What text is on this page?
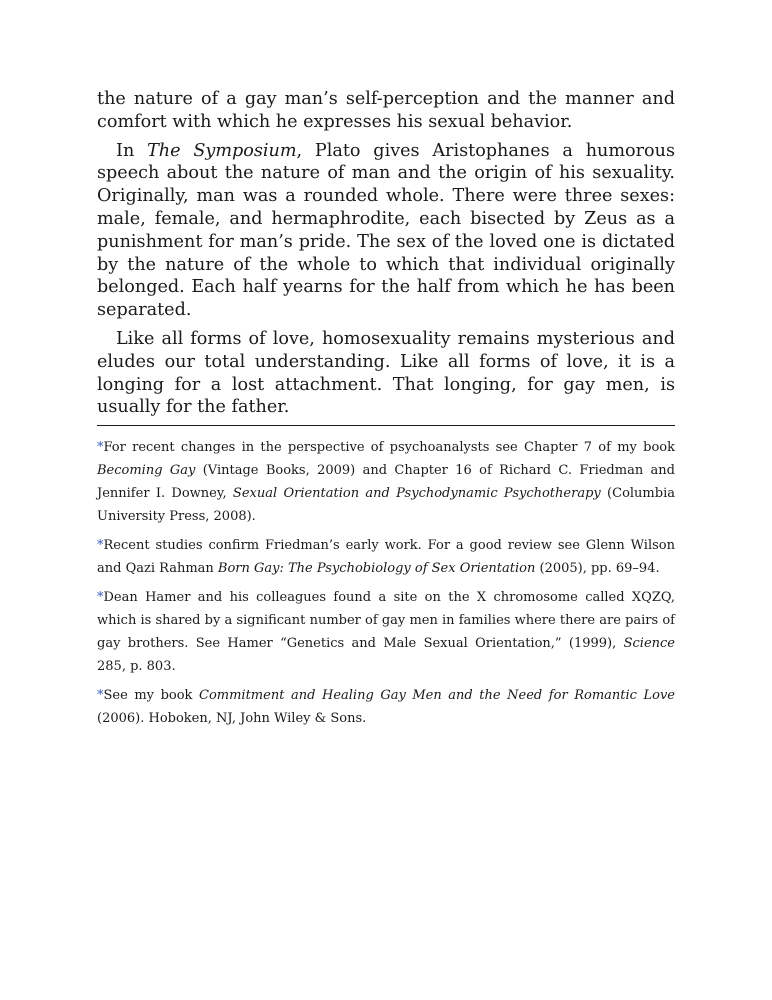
the nature of a gay man’s self-perception and the manner and comfort with which he expresses his sexual behavior.

In The Symposium, Plato gives Aristophanes a humorous speech about the nature of man and the origin of his sexuality. Originally, man was a rounded whole. There were three sexes: male, female, and hermaphrodite, each bisected by Zeus as a punishment for man’s pride. The sex of the loved one is dictated by the nature of the whole to which that individual originally belonged. Each half yearns for the half from which he has been separated.

Like all forms of love, homosexuality remains mysterious and eludes our total understanding. Like all forms of love, it is a longing for a lost attachment. That longing, for gay men, is usually for the father.

*For recent changes in the perspective of psychoanalysts see Chapter 7 of my book Becoming Gay (Vintage Books, 2009) and Chapter 16 of Richard C. Friedman and Jennifer I. Downey, Sexual Orientation and Psychodynamic Psychotherapy (Columbia University Press, 2008).

*Recent studies confirm Friedman’s early work. For a good review see Glenn Wilson and Qazi Rahman Born Gay: The Psychobiology of Sex Orientation (2005), pp. 69–94.

*Dean Hamer and his colleagues found a site on the X chromosome called XQZQ, which is shared by a significant number of gay men in families where there are pairs of gay brothers. See Hamer “Genetics and Male Sexual Orientation,” (1999), Science 285, p. 803.

*See my book Commitment and Healing Gay Men and the Need for Romantic Love (2006). Hoboken, NJ, John Wiley & Sons.
